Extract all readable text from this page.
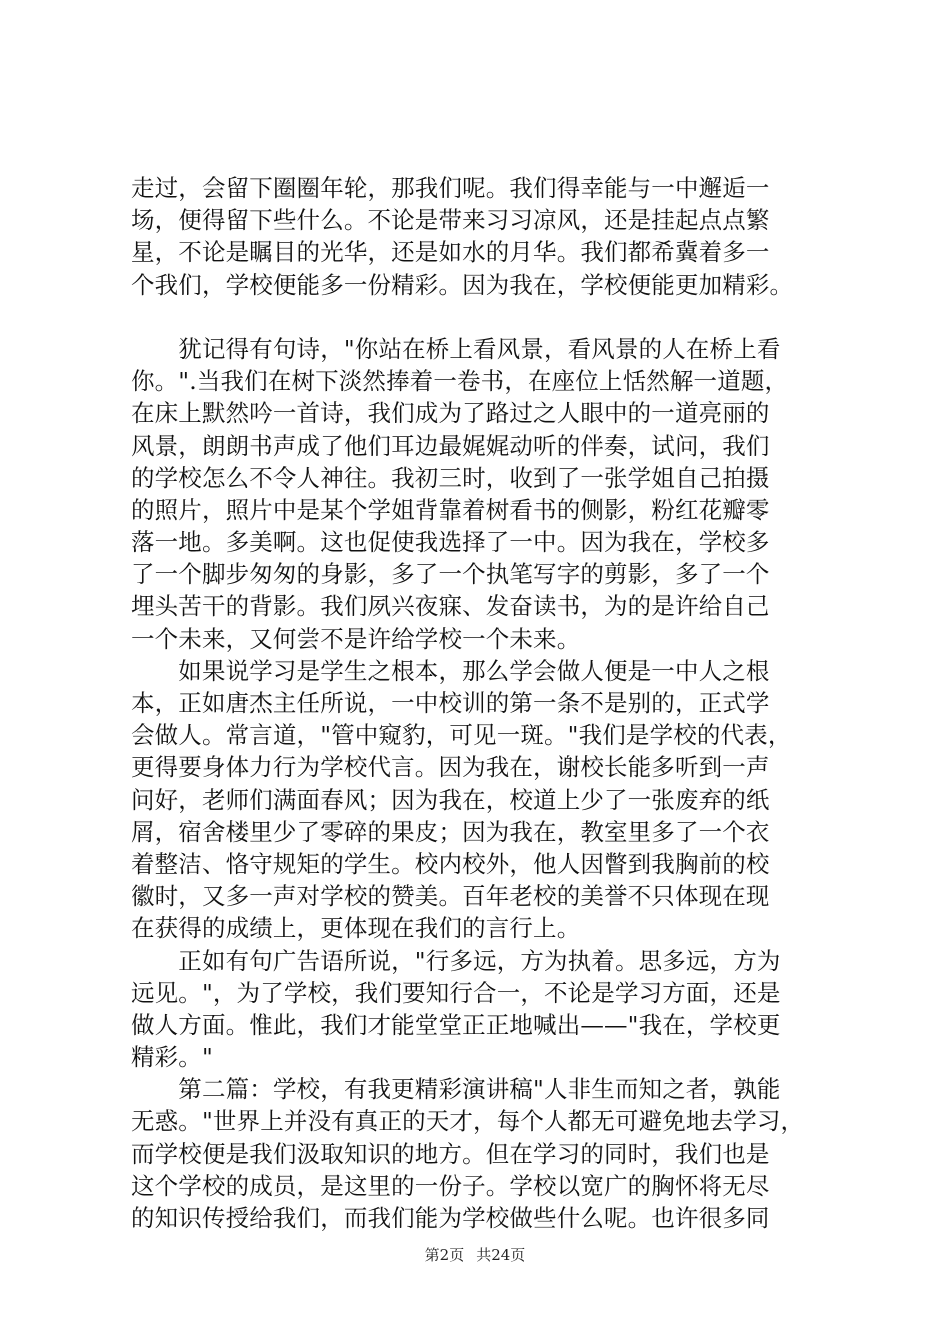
走过，会留下圈圈年轮，那我们呢。我们得幸能与一中邂逅一
场，便得留下些什么。不论是带来习习凉风，还是挂起点点繁
星，不论是瞩目的光华，还是如水的月华。我们都希冀着多一
个我们，学校便能多一份精彩。因为我在，学校便能更加精彩。
　　犹记得有句诗，"你站在桥上看风景，看风景的人在桥上看
你。".当我们在树下淡然捧着一卷书，在座位上恬然解一道题，
在床上默然吟一首诗，我们成为了路过之人眼中的一道亮丽的
风景，朗朗书声成了他们耳边最娓娓动听的伴奏，试问，我们
的学校怎么不令人神往。我初三时，收到了一张学姐自己拍摄
的照片，照片中是某个学姐背靠着树看书的侧影，粉红花瓣零
落一地。多美啊。这也促使我选择了一中。因为我在，学校多
了一个脚步匆匆的身影，多了一个执笔写字的剪影，多了一个
埋头苦干的背影。我们夙兴夜寐、发奋读书，为的是许给自己
一个未来，又何尝不是许给学校一个未来。
　　如果说学习是学生之根本，那么学会做人便是一中人之根
本，正如唐杰主任所说，一中校训的第一条不是别的，正式学
会做人。常言道，"管中窥豹，可见一斑。"我们是学校的代表，
更得要身体力行为学校代言。因为我在，谢校长能多听到一声
问好，老师们满面春风；因为我在，校道上少了一张废弃的纸
屑，宿舍楼里少了零碎的果皮；因为我在，教室里多了一个衣
着整洁、恪守规矩的学生。校内校外，他人因瞥到我胸前的校
徽时，又多一声对学校的赞美。百年老校的美誉不只体现在现
在获得的成绩上，更体现在我们的言行上。
　　正如有句广告语所说，"行多远，方为执着。思多远，方为
远见。"，为了学校，我们要知行合一，不论是学习方面，还是
做人方面。惟此，我们才能堂堂正正地喊出——"我在，学校更
精彩。"
　　第二篇：学校，有我更精彩演讲稿"人非生而知之者，孰能
无惑。"世界上并没有真正的天才，每个人都无可避免地去学习，
而学校便是我们汲取知识的地方。但在学习的同时，我们也是
这个学校的成员，是这里的一份子。学校以宽广的胸怀将无尽
的知识传授给我们，而我们能为学校做些什么呢。也许很多同
第2页 共24页
